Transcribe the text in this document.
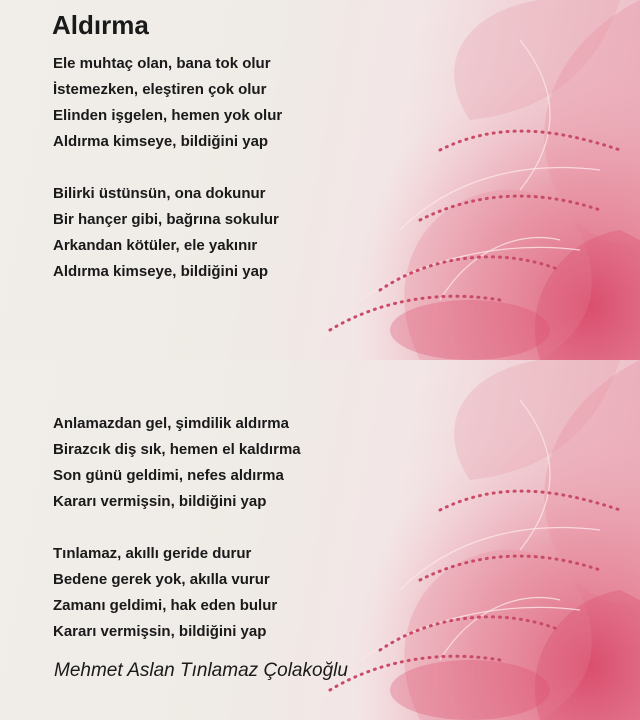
Aldırma
Ele muhtaç olan, bana tok olur
İstemezken, eleştiren çok olur
Elinden işgelen, hemen yok olur
Aldırma kimseye, bildiğini yap
Bilirki üstünsün, ona dokunur
Bir hançer gibi, bağrına sokulur
Arkandan kötüler, ele yakınır
Aldırma kimseye, bildiğini yap
Anlamazdan gel, şimdilik aldırma
Birazcık diş sık, hemen el kaldırma
Son günü geldimi, nefes aldırma
Kararı vermişsin, bildiğini yap
Tınlamaz, akıllı geride durur
Bedene gerek yok, akılla vurur
Zamanı geldimi, hak eden bulur
Kararı vermişsin, bildiğini yap

Mehmet Aslan Tınlamaz Çolakoğlu
